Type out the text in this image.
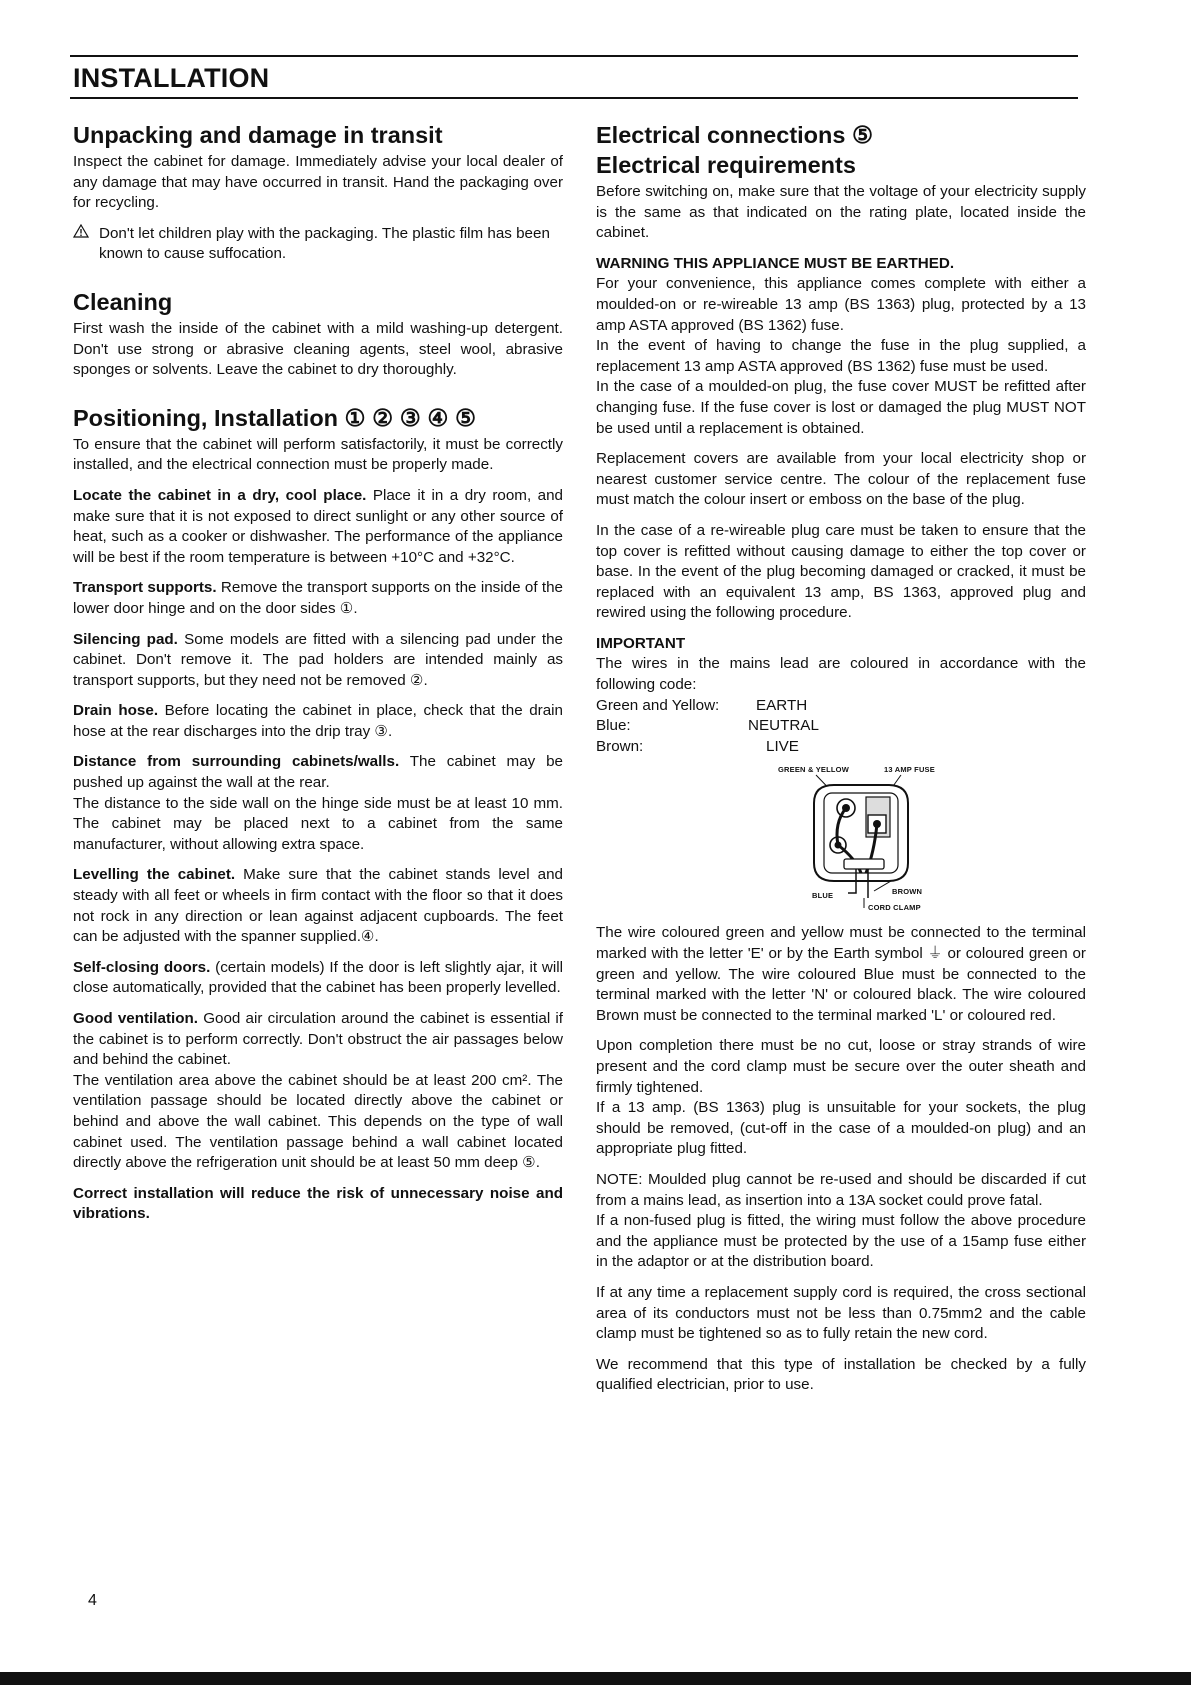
INSTALLATION
Unpacking and damage in transit

Inspect the cabinet for damage. Immediately advise your local dealer of any damage that may have occurred in transit. Hand the packaging over for recycling.

Don't let children play with the packaging. The plastic film has been known to cause suffocation.
Cleaning

First wash the inside of the cabinet with a mild washing-up detergent. Don't use strong or abrasive cleaning agents, steel wool, abrasive sponges or solvents. Leave the cabinet to dry thoroughly.

Positioning, Installation ① ② ③ ④ ⑤

To ensure that the cabinet will perform satisfactorily, it must be correctly installed, and the electrical connection must be properly made.

Locate the cabinet in a dry, cool place. Place it in a dry room, and make sure that it is not exposed to direct sunlight or any other source of heat, such as a cooker or dishwasher. The performance of the appliance will be best if the room temperature is between +10°C and +32°C.

Transport supports. Remove the transport supports on the inside of the lower door hinge and on the door sides ①.

Silencing pad. Some models are fitted with a silencing pad under the cabinet. Don't remove it. The pad holders are intended mainly as transport supports, but they need not be removed ②.

Drain hose. Before locating the cabinet in place, check that the drain hose at the rear discharges into the drip tray ③.

Distance from surrounding cabinets/walls. The cabinet may be pushed up against the wall at the rear.

The distance to the side wall on the hinge side must be at least 10 mm. The cabinet may be placed next to a cabinet from the same manufacturer, without allowing extra space.

Levelling the cabinet. Make sure that the cabinet stands level and steady with all feet or wheels in firm contact with the floor so that it does not rock in any direction or lean against adjacent cupboards. The feet can be adjusted with the spanner supplied.④.

Self-closing doors. (certain models) If the door is left slightly ajar, it will close automatically, provided that the cabinet has been properly levelled.

Good ventilation. Good air circulation around the cabinet is essential if the cabinet is to perform correctly. Don't obstruct the air passages below and behind the cabinet.

The ventilation area above the cabinet should be at least 200 cm². The ventilation passage should be located directly above the cabinet or behind and above the wall cabinet. This depends on the type of wall cabinet used. The ventilation passage behind a wall cabinet located directly above the refrigeration unit should be at least 50 mm deep ⑤.

Correct installation will reduce the risk of unnecessary noise and vibrations.

Electrical connections ⑤
Electrical requirements

Before switching on, make sure that the voltage of your electricity supply is the same as that indicated on the rating plate, located inside the cabinet.

WARNING THIS APPLIANCE MUST BE EARTHED.

For your convenience, this appliance comes complete with either a moulded-on or re-wireable 13 amp (BS 1363) plug, protected by a 13 amp ASTA approved (BS 1362) fuse.

In the event of having to change the fuse in the plug supplied, a replacement 13 amp ASTA approved (BS 1362) fuse must be used.

In the case of a moulded-on plug, the fuse cover MUST be refitted after changing fuse. If the fuse cover is lost or damaged the plug MUST NOT be used until a replacement is obtained.

Replacement covers are available from your local electricity shop or nearest customer service centre. The colour of the replacement fuse must match the colour insert or emboss on the base of the plug.

In the case of a re-wireable plug care must be taken to ensure that the top cover is refitted without causing damage to either the top cover or base. In the event of the plug becoming damaged or cracked, it must be replaced with an equivalent 13 amp, BS 1363, approved plug and rewired using the following procedure.

IMPORTANT

The wires in the mains lead are coloured in accordance with the following code:

Green and Yellow:	EARTH
Blue:	NEUTRAL
Brown:	LIVE
GREEN & YELLOW	13 AMP FUSE
BLUE	BROWN
CORD CLAMP

The wire coloured green and yellow must be connected to the terminal marked with the letter 'E' or by the Earth symbol ⏚ or coloured green or green and yellow. The wire coloured Blue must be connected to the terminal marked with the letter 'N' or coloured black. The wire coloured Brown must be connected to the terminal marked 'L' or coloured red.

Upon completion there must be no cut, loose or stray strands of wire present and the cord clamp must be secure over the outer sheath and firmly tightened.

If a 13 amp. (BS 1363) plug is unsuitable for your sockets, the plug should be removed, (cut-off in the case of a moulded-on plug) and an appropriate plug fitted.

NOTE: Moulded plug cannot be re-used and should be discarded if cut from a mains lead, as insertion into a 13A socket could prove fatal.

If a non-fused plug is fitted, the wiring must follow the above procedure and the appliance must be protected by the use of a 15amp fuse either in the adaptor or at the distribution board.

If at any time a replacement supply cord is required, the cross sectional area of its conductors must not be less than 0.75mm2 and the cable clamp must be tightened so as to fully retain the new cord.

We recommend that this type of installation be checked by a fully qualified electrician, prior to use.

4
